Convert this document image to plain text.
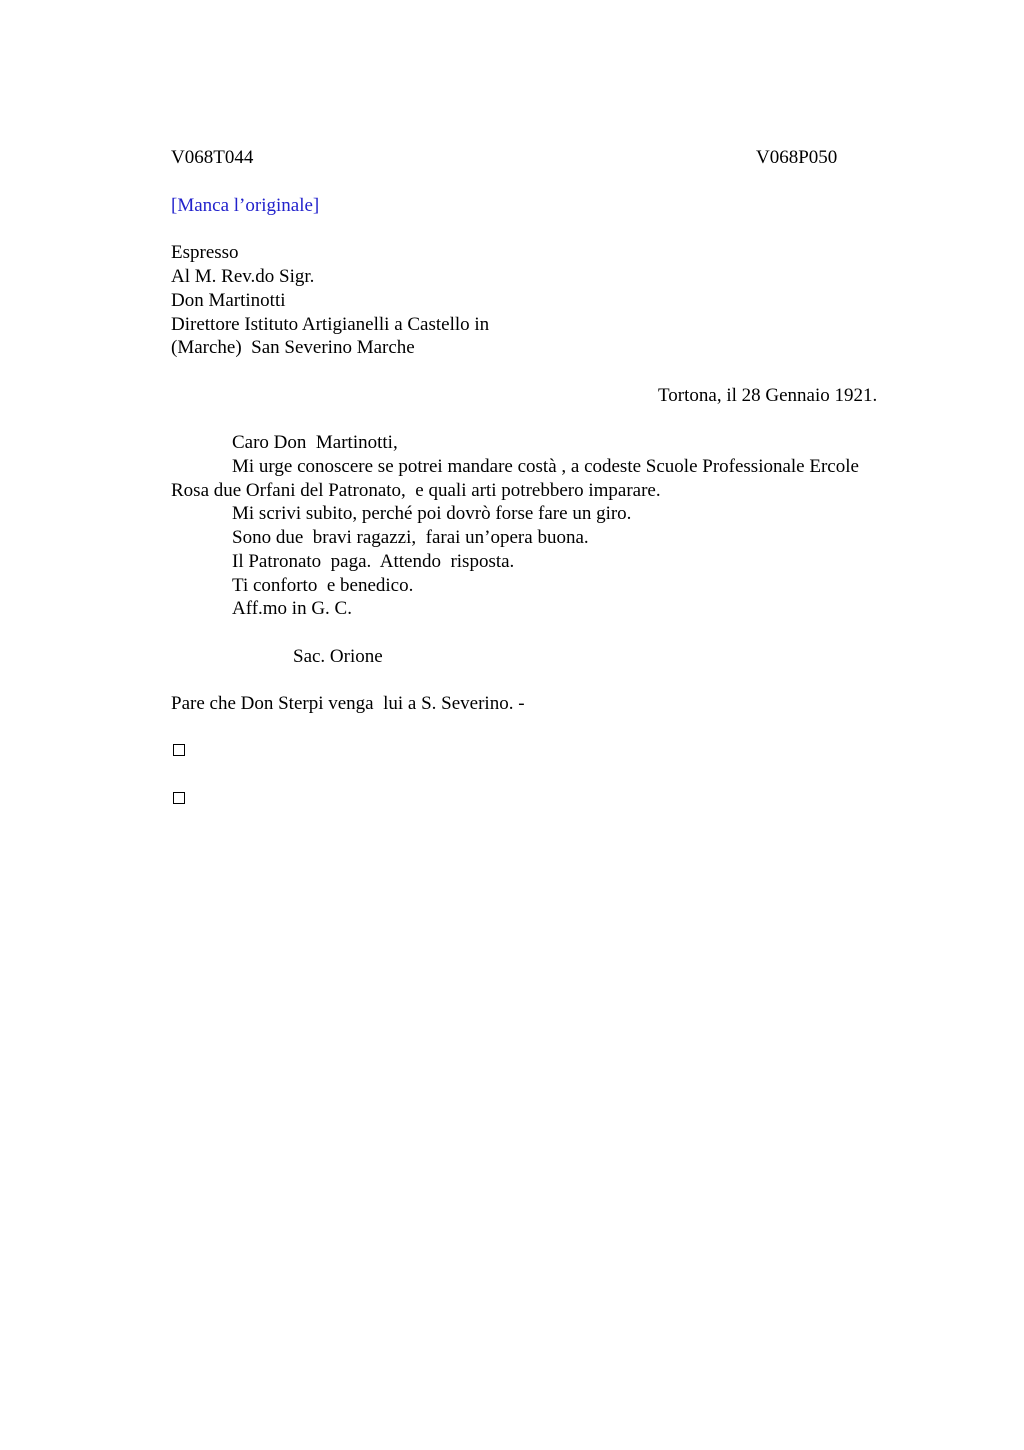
V068T044	V068P050

[Manca l’originale]

Espresso

Al M. Rev.do Sigr.

Don Martinotti

Direttore Istituto Artigianelli a Castello in

(Marche)  San Severino Marche

Tortona, il 28 Gennaio 1921.

Caro Don  Martinotti,

Mi urge conoscere se potrei mandare costà , a codeste Scuole Professionale Ercole

Rosa due Orfani del Patronato,  e quali arti potrebbero imparare.

Mi scrivi subito, perché poi dovrò forse fare un giro.

Sono due  bravi ragazzi,  farai un’opera buona.

Il Patronato  paga.  Attendo  risposta.

Ti conforto  e benedico.

Aff.mo in G. C.

Sac. Orione

Pare che Don Sterpi venga  lui a S. Severino. -
